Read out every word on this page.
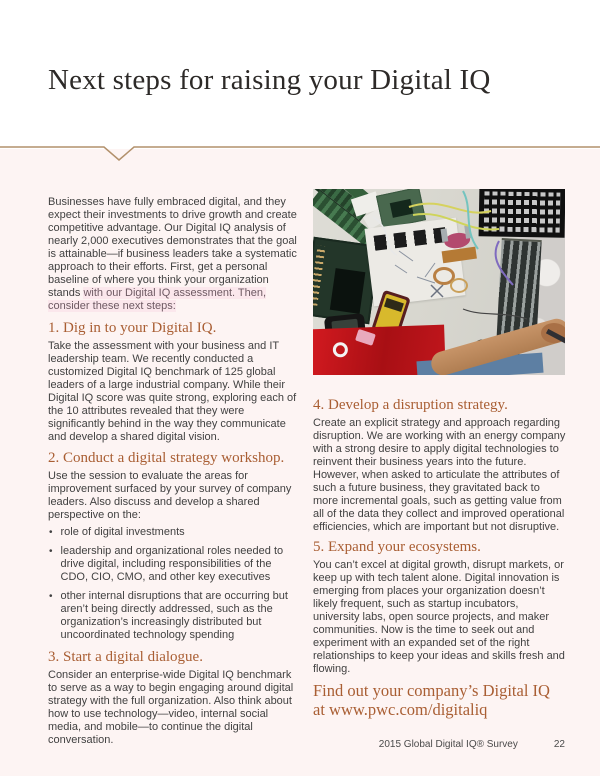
Next steps for raising your Digital IQ

Businesses have fully embraced digital, and they expect their investments to drive growth and create competitive advantage. Our Digital IQ analysis of nearly 2,000 executives demonstrates that the goal is attainable—if business leaders take a systematic approach to their efforts. First, get a personal baseline of where you think your organization stands with our Digital IQ assessment. Then, consider these next steps:

1. Dig in to your Digital IQ.

Take the assessment with your business and IT leadership team. We recently conducted a customized Digital IQ benchmark of 125 global leaders of a large industrial company. While their Digital IQ score was quite strong, exploring each of the 10 attributes revealed that they were significantly behind in the way they communicate and develop a shared digital vision.

2. Conduct a digital strategy workshop.

Use the session to evaluate the areas for improvement surfaced by your survey of company leaders. Also discuss and develop a shared perspective on the:

• role of digital investments
• leadership and organizational roles needed to drive digital, including responsibilities of the CDO, CIO, CMO, and other key executives
• other internal disruptions that are occurring but aren’t being directly addressed, such as the organization’s increasingly distributed but uncoordinated technology spending
3. Start a digital dialogue.

Consider an enterprise-wide Digital IQ benchmark to serve as a way to begin engaging around digital strategy with the full organization. Also think about how to use technology—video, internal social media, and mobile—to continue the digital conversation.

4. Develop a disruption strategy.

Create an explicit strategy and approach regarding disruption. We are working with an energy company with a strong desire to apply digital technologies to reinvent their business years into the future. However, when asked to articulate the attributes of such a future business, they gravitated back to more incremental goals, such as getting value from all of the data they collect and improved operational efficiencies, which are important but not disruptive.

5. Expand your ecosystems.

You can’t excel at digital growth, disrupt markets, or keep up with tech talent alone. Digital innovation is emerging from places your organization doesn’t likely frequent, such as startup incubators, university labs, open source projects, and maker communities. Now is the time to seek out and experiment with an expanded set of the right relationships to keep your ideas and skills fresh and flowing.

Find out your company’s Digital IQ
at www.pwc.com/digitaliq
2015 Global Digital IQ® Survey	22
